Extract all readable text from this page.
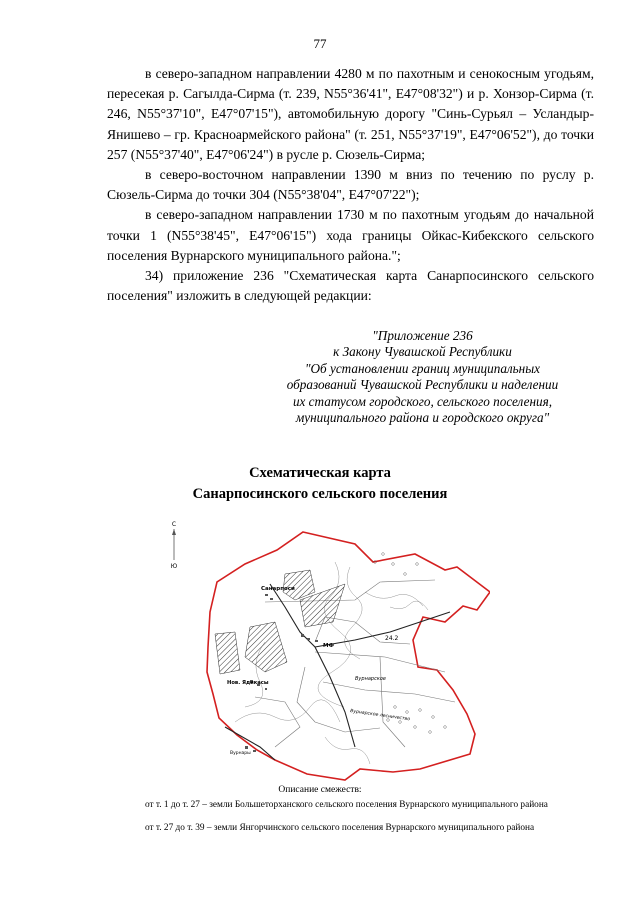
77

в северо-западном направлении 4280 м по пахотным и сенокосным угодьям, пересекая р. Сагылда-Сирма (т. 239, N55°36'41", E47°08'32") и р. Хонзор-Сирма (т. 246, N55°37'10", E47°07'15"), автомобильную дорогу "Синь-Сурьял – Усландыр-Янишево – гр. Красноармейского района" (т. 251, N55°37'19", E47°06'52"), до точки 257 (N55°37'40", E47°06'24") в русле р. Сюзель-Сирма;

в северо-восточном направлении 1390 м вниз по течению по руслу р. Сюзель-Сирма до точки 304 (N55°38'04", E47°07'22");

в северо-западном направлении 1730 м по пахотным угодьям до начальной точки 1 (N55°38'45", E47°06'15") хода границы Ойкас-Кибекского сельского поселения Вурнарского муниципального района.";

34) приложение 236 "Схематическая карта Санарпосинского сельского поселения" изложить в следующей редакции:

"Приложение 236
к Закону Чувашской Республики
"Об установлении границ муниципальных
образований Чувашской Республики и наделении
их статусом городского, сельского поселения,
муниципального района и городского округа"
Схематическая карта
Санарпосинского сельского поселения
С
Ю
Санарпоси
Нов. Ядикасы
МФ
24.2
Вурнарское
Вурнарское лесничество
Вурнары
Описание смежеств:
от т. 1 до т. 27 – земли Большеторханского сельского поселения Вурнарского муниципального района
от т. 27 до т. 39 – земли Янгорчинского сельского поселения Вурнарского муниципального района
